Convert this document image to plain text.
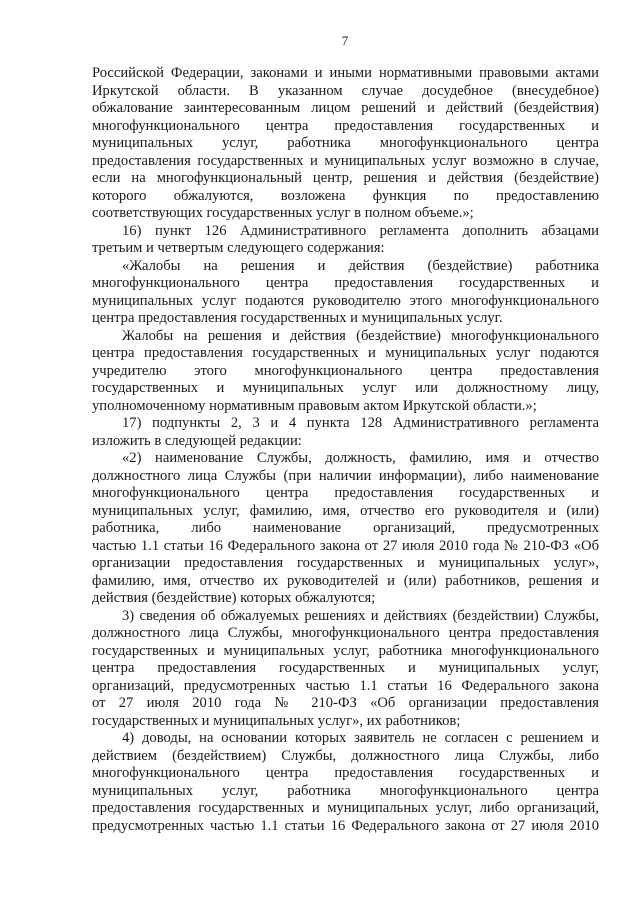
7
Российской Федерации, законами и иными нормативными правовыми актами
Иркутской области. В указанном случае досудебное (внесудебное)
обжалование заинтересованным лицом решений и действий (бездействия)
многофункционального центра предоставления государственных и
муниципальных услуг, работника многофункционального центра
предоставления государственных и муниципальных услуг возможно в случае,
если на многофункциональный центр, решения и действия (бездействие)
которого обжалуются, возложена функция по предоставлению
соответствующих государственных услуг в полном объеме.»;
16) пункт 126 Административного регламента дополнить абзацами
третьим и четвертым следующего содержания:
«Жалобы на решения и действия (бездействие) работника
многофункционального центра предоставления государственных и
муниципальных услуг подаются руководителю этого многофункционального
центра предоставления государственных и муниципальных услуг.
Жалобы на решения и действия (бездействие) многофункционального
центра предоставления государственных и муниципальных услуг подаются
учредителю этого многофункционального центра предоставления
государственных и муниципальных услуг или должностному лицу,
уполномоченному нормативным правовым актом Иркутской области.»;
17) подпункты 2, 3 и 4 пункта 128 Административного регламента
изложить в следующей редакции:
«2) наименование Службы, должность, фамилию, имя и отчество
должностного лица Службы (при наличии информации), либо наименование
многофункционального центра предоставления государственных и
муниципальных услуг, фамилию, имя, отчество его руководителя и (или)
работника, либо наименование организаций, предусмотренных
частью 1.1 статьи 16 Федерального закона от 27 июля 2010 года № 210-ФЗ «Об
организации предоставления государственных и муниципальных услуг»,
фамилию, имя, отчество их руководителей и (или) работников, решения и
действия (бездействие) которых обжалуются;
3) сведения об обжалуемых решениях и действиях (бездействии) Службы,
должностного лица Службы, многофункционального центра предоставления
государственных и муниципальных услуг, работника многофункционального
центра предоставления государственных и муниципальных услуг,
организаций, предусмотренных частью 1.1 статьи 16 Федерального закона
от 27 июля 2010 года № 210-ФЗ «Об организации предоставления
государственных и муниципальных услуг», их работников;
4) доводы, на основании которых заявитель не согласен с решением и
действием (бездействием) Службы, должностного лица Службы, либо
многофункционального центра предоставления государственных и
муниципальных услуг, работника многофункционального центра
предоставления государственных и муниципальных услуг, либо организаций,
предусмотренных частью 1.1 статьи 16 Федерального закона от 27 июля 2010
